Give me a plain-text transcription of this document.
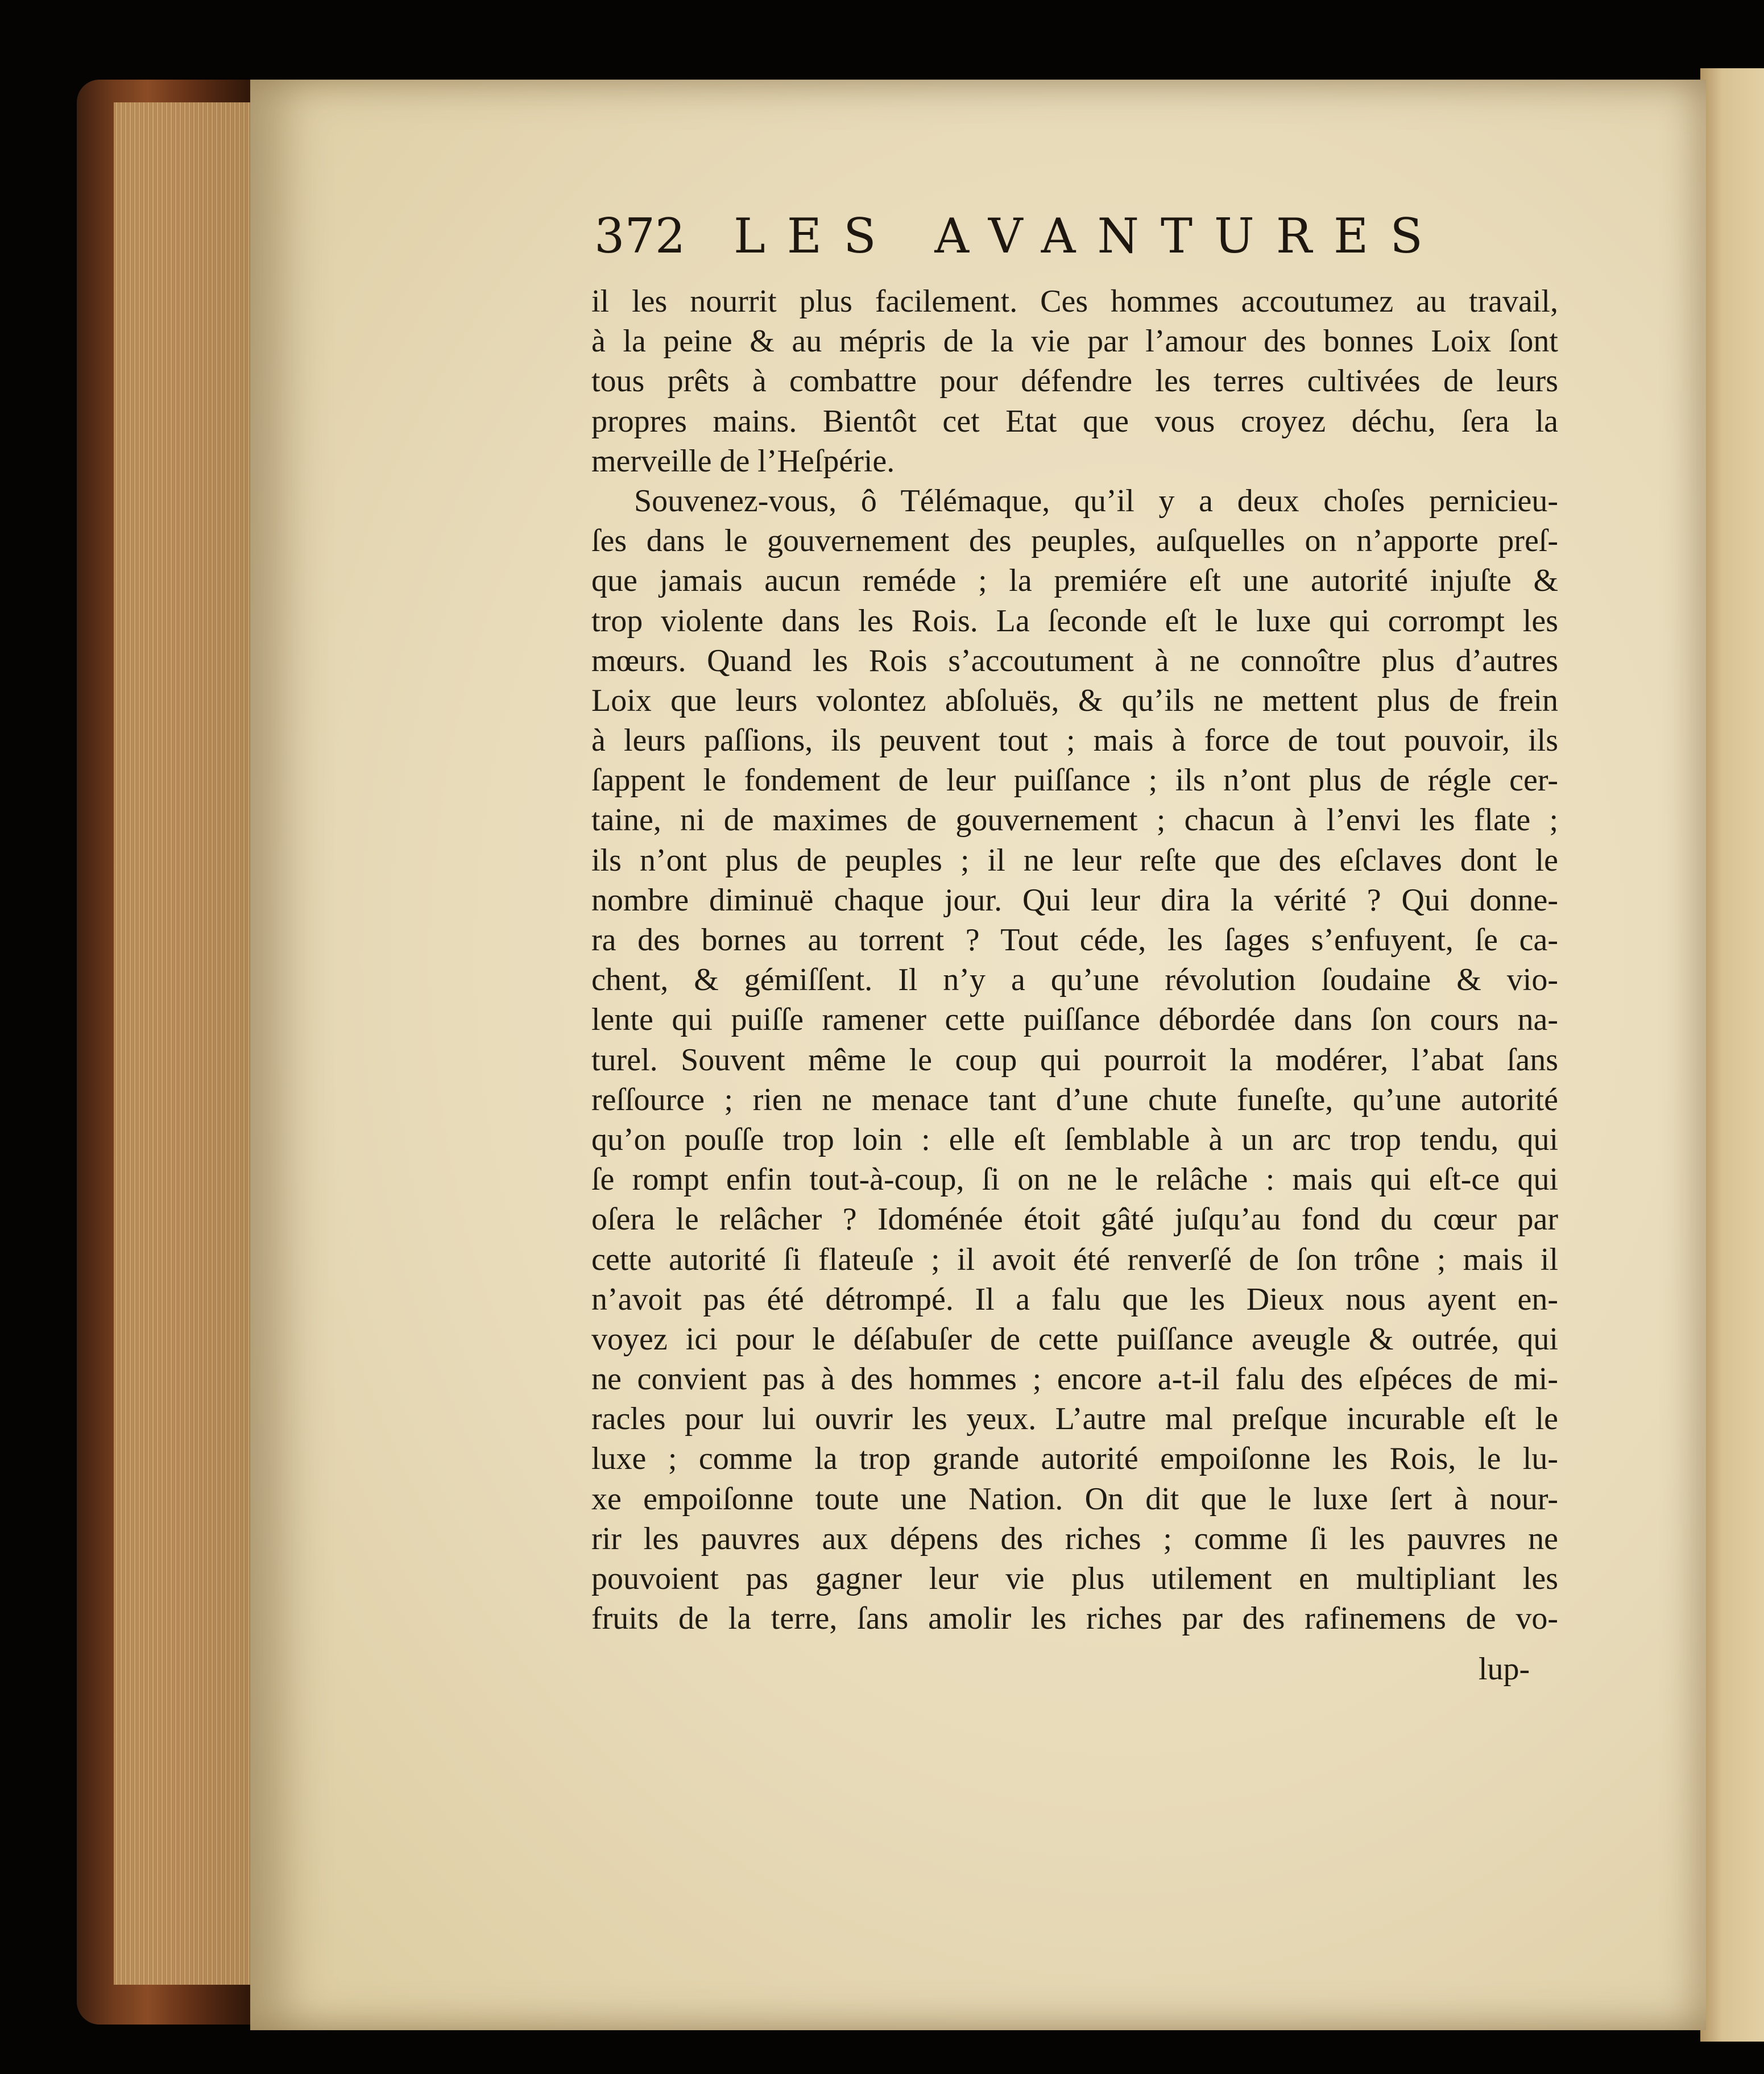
372 LES AVANTURES
il les nourrit plus facilement. Ces hommes accoutumez au travail,
à la peine & au mépris de la vie par l’amour des bonnes Loix ſont
tous prêts à combattre pour défendre les terres cultivées de leurs
propres mains. Bientôt cet Etat que vous croyez déchu, ſera la
merveille de l’Heſpérie.
Souvenez-vous, ô Télémaque, qu’il y a deux choſes pernicieu-
ſes dans le gouvernement des peuples, auſquelles on n’apporte preſ-
que jamais aucun reméde ; la premiére eſt une autorité injuſte &
trop violente dans les Rois. La ſeconde eſt le luxe qui corrompt les
mœurs. Quand les Rois s’accoutument à ne connoître plus d’autres
Loix que leurs volontez abſoluës, & qu’ils ne mettent plus de frein
à leurs paſſions, ils peuvent tout ; mais à force de tout pouvoir, ils
ſappent le fondement de leur puiſſance ; ils n’ont plus de régle cer-
taine, ni de maximes de gouvernement ; chacun à l’envi les flate ;
ils n’ont plus de peuples ; il ne leur reſte que des eſclaves dont le
nombre diminuë chaque jour. Qui leur dira la vérité ? Qui donne-
ra des bornes au torrent ? Tout céde, les ſages s’enfuyent, ſe ca-
chent, & gémiſſent. Il n’y a qu’une révolution ſoudaine & vio-
lente qui puiſſe ramener cette puiſſance débordée dans ſon cours na-
turel. Souvent même le coup qui pourroit la modérer, l’abat ſans
reſſource ; rien ne menace tant d’une chute funeſte, qu’une autorité
qu’on pouſſe trop loin : elle eſt ſemblable à un arc trop tendu, qui
ſe rompt enfin tout-à-coup, ſi on ne le relâche : mais qui eſt-ce qui
oſera le relâcher ? Idoménée étoit gâté juſqu’au fond du cœur par
cette autorité ſi flateuſe ; il avoit été renverſé de ſon trône ; mais il
n’avoit pas été détrompé. Il a falu que les Dieux nous ayent en-
voyez ici pour le déſabuſer de cette puiſſance aveugle & outrée, qui
ne convient pas à des hommes ; encore a-t-il falu des eſpéces de mi-
racles pour lui ouvrir les yeux. L’autre mal preſque incurable eſt le
luxe ; comme la trop grande autorité empoiſonne les Rois, le lu-
xe empoiſonne toute une Nation. On dit que le luxe ſert à nour-
rir les pauvres aux dépens des riches ; comme ſi les pauvres ne
pouvoient pas gagner leur vie plus utilement en multipliant les
fruits de la terre, ſans amolir les riches par des rafinemens de vo-
lup-
